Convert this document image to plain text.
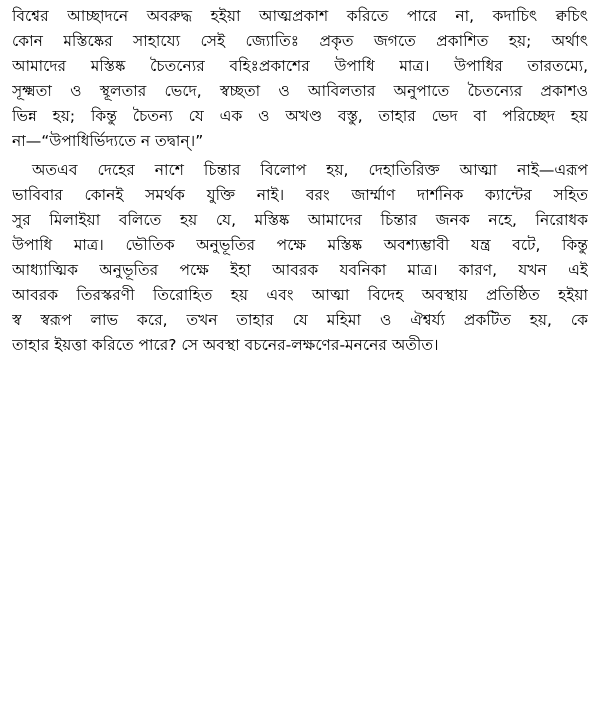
বিশ্বের আচ্ছাদনে অবরুদ্ধ হইয়া আত্মপ্রকাশ করিতে পারে না, কদাচিৎ ক্বচিৎ
কোন মস্তিষ্কের সাহায্যে সেই জ্যোতিঃ প্রকৃত জগতে প্রকাশিত হয়; অর্থাৎ
আমাদের মস্তিষ্ক চৈতন্যের বহিঃপ্রকাশের উপাধি মাত্র। উপাধির তারতম্যে,
সূক্ষ্মতা ও স্থূলতার ভেদে, স্বচ্ছতা ও আবিলতার অনুপাতে চৈতন্যের প্রকাশও
ভিন্ন হয়; কিন্তু চৈতন্য যে এক ও অখণ্ড বস্তু, তাহার ভেদ বা পরিচ্ছেদ হয়
না—“উপাধির্ভিদ্যতে ন তদ্বান্।”
অতএব দেহের নাশে চিন্তার বিলোপ হয়, দেহাতিরিক্ত আত্মা নাই—এরূপ
ভাবিবার কোনই সমর্থক যুক্তি নাই। বরং জার্ম্মাণ দার্শনিক ক্যান্টের সহিত
সুর মিলাইয়া বলিতে হয় যে, মস্তিষ্ক আমাদের চিন্তার জনক নহে, নিরোধক
উপাধি মাত্র। ভৌতিক অনুভূতির পক্ষে মস্তিষ্ক অবশ্যম্ভাবী যন্ত্র বটে, কিন্তু
আধ্যাত্মিক অনুভূতির পক্ষে ইহা আবরক যবনিকা মাত্র। কারণ, যখন এই
আবরক তিরস্করণী তিরোহিত হয় এবং আত্মা বিদেহ অবস্থায় প্রতিষ্ঠিত হইয়া
স্ব স্বরূপ লাভ করে, তখন তাহার যে মহিমা ও ঐশ্বর্য্য প্রকটিত হয়, কে
তাহার ইয়ত্তা করিতে পারে? সে অবস্থা বচনের-লক্ষণের-মননের অতীত।
